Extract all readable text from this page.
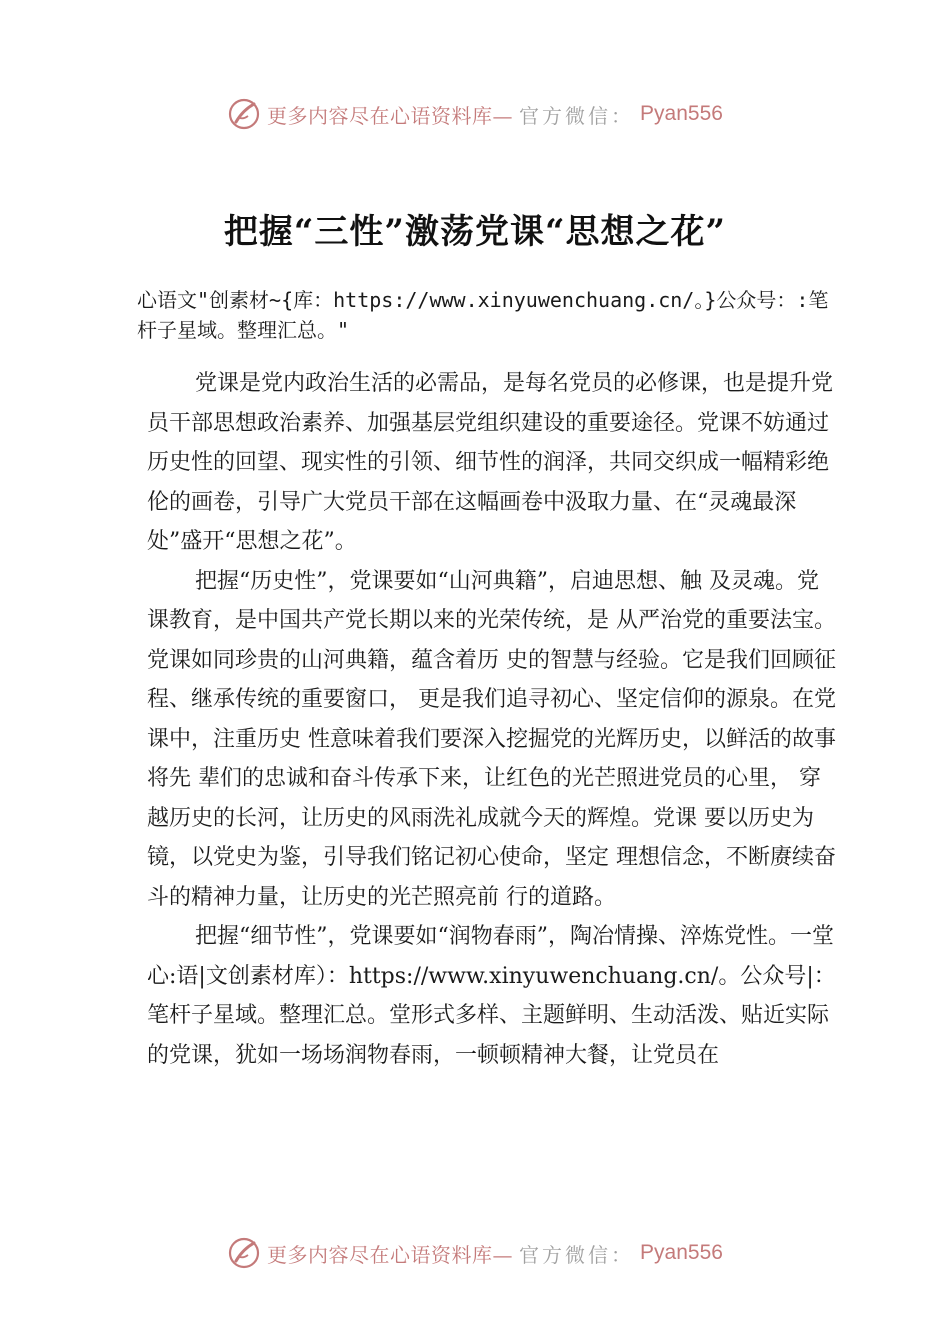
更多内容尽在心语资料库— 官方微信： Pyan556
把握“三性”激荡党课“思想之花”

心语文"创素材~{库：https://www.xinyuwenchuang.cn/。}公众号：:笔杆子星域。整理汇总。"

党课是党内政治生活的必需品，是每名党员的必修课，也是提升党员干部思想政治素养、加强基层党组织建设的重要途径。党课不妨通过历史性的回望、现实性的引领、细节性的润泽，共同交织成一幅精彩绝伦的画卷，引导广大党员干部在这幅画卷中汲取力量、在“灵魂最深处”盛开“思想之花”。

把握“历史性”，党课要如“山河典籍”，启迪思想、触 及灵魂。党课教育，是中国共产党长期以来的光荣传统，是 从严治党的重要法宝。党课如同珍贵的山河典籍，蕴含着历 史的智慧与经验。它是我们回顾征程、继承传统的重要窗口， 更是我们追寻初心、坚定信仰的源泉。在党课中，注重历史 性意味着我们要深入挖掘党的光辉历史，以鲜活的故事将先 辈们的忠诚和奋斗传承下来，让红色的光芒照进党员的心里， 穿越历史的长河，让历史的风雨洗礼成就今天的辉煌。党课 要以历史为镜，以党史为鉴，引导我们铭记初心使命，坚定 理想信念，不断赓续奋斗的精神力量，让历史的光芒照亮前 行的道路。

把握“细节性”，党课要如“润物春雨”，陶冶情操、淬炼党性。一堂心:语|文创素材库）：https://www.xinyuwenchuang.cn/。公众号|：笔杆子星域。整理汇总。堂形式多样、主题鲜明、生动活泼、贴近实际的党课，犹如一场场润物春雨，一顿顿精神大餐，让党员在

更多内容尽在心语资料库— 官方微信： Pyan556
